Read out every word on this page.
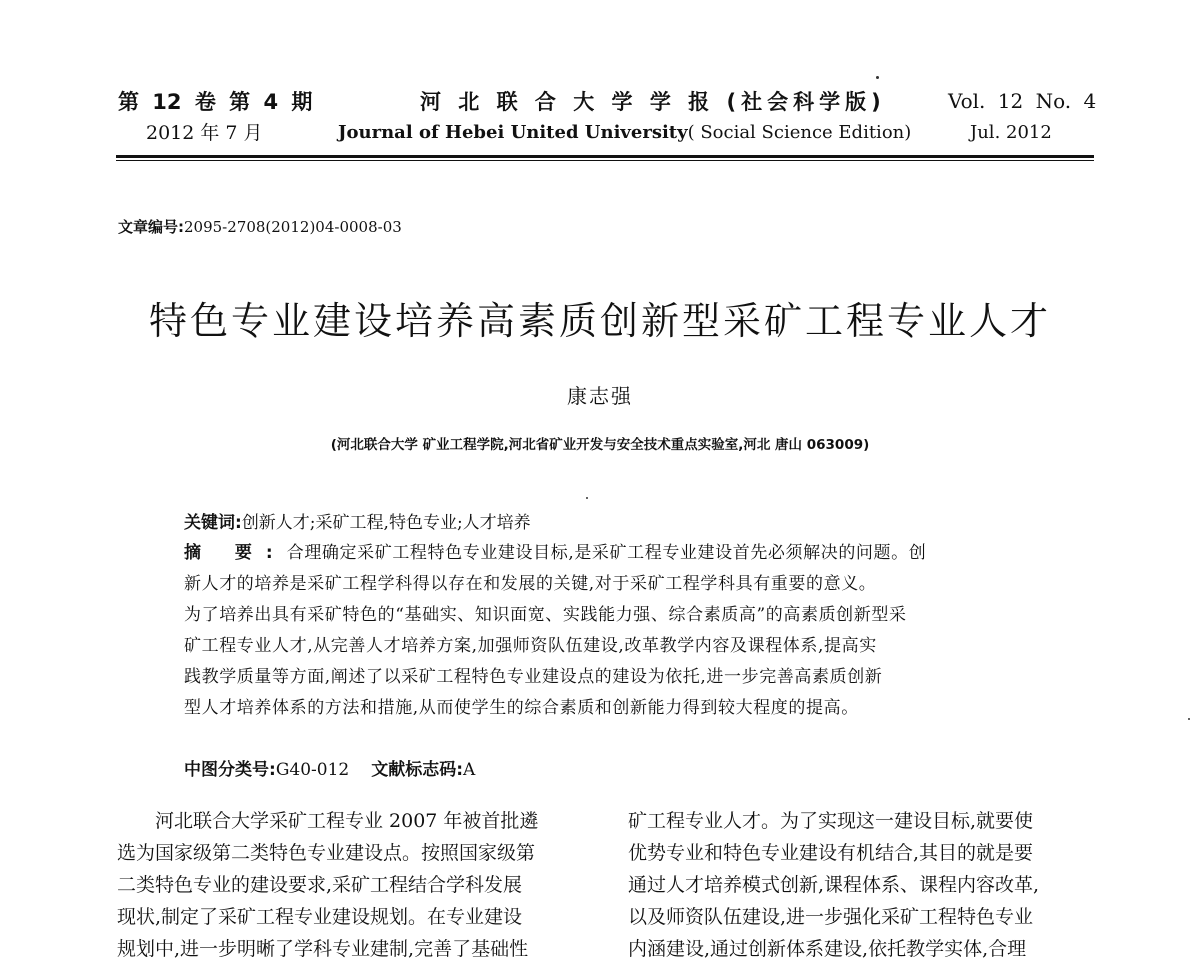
第 12 卷 第 4 期
2012 年 7 月
河 北 联 合 大 学 学 报 (社会科学版)
Journal of Hebei United University( Social Science Edition)
Vol. 12 No. 4
Jul. 2012
文章编号:2095-2708(2012)04-0008-03
特色专业建设培养高素质创新型采矿工程专业人才
康志强
(河北联合大学 矿业工程学院,河北省矿业开发与安全技术重点实验室,河北 唐山 063009)
关键词:创新人才;采矿工程,特色专业;人才培养
摘 要:合理确定采矿工程特色专业建设目标,是采矿工程专业建设首先必须解决的问题。创
新人才的培养是采矿工程学科得以存在和发展的关键,对于采矿工程学科具有重要的意义。
为了培养出具有采矿特色的“基础实、知识面宽、实践能力强、综合素质高”的高素质创新型采
矿工程专业人才,从完善人才培养方案,加强师资队伍建设,改革教学内容及课程体系,提高实
践教学质量等方面,阐述了以采矿工程特色专业建设点的建设为依托,进一步完善高素质创新
型人才培养体系的方法和措施,从而使学生的综合素质和创新能力得到较大程度的提高。
中图分类号:G40-012 文献标志码:A
河北联合大学采矿工程专业 2007 年被首批遴
选为国家级第二类特色专业建设点。按照国家级第
二类特色专业的建设要求,采矿工程结合学科发展
现状,制定了采矿工程专业建设规划。在专业建设
规划中,进一步明晰了学科专业建制,完善了基础性
矿工程专业人才。为了实现这一建设目标,就要使
优势专业和特色专业建设有机结合,其目的就是要
通过人才培养模式创新,课程体系、课程内容改革,
以及师资队伍建设,进一步强化采矿工程特色专业
内涵建设,通过创新体系建设,依托教学实体,合理
